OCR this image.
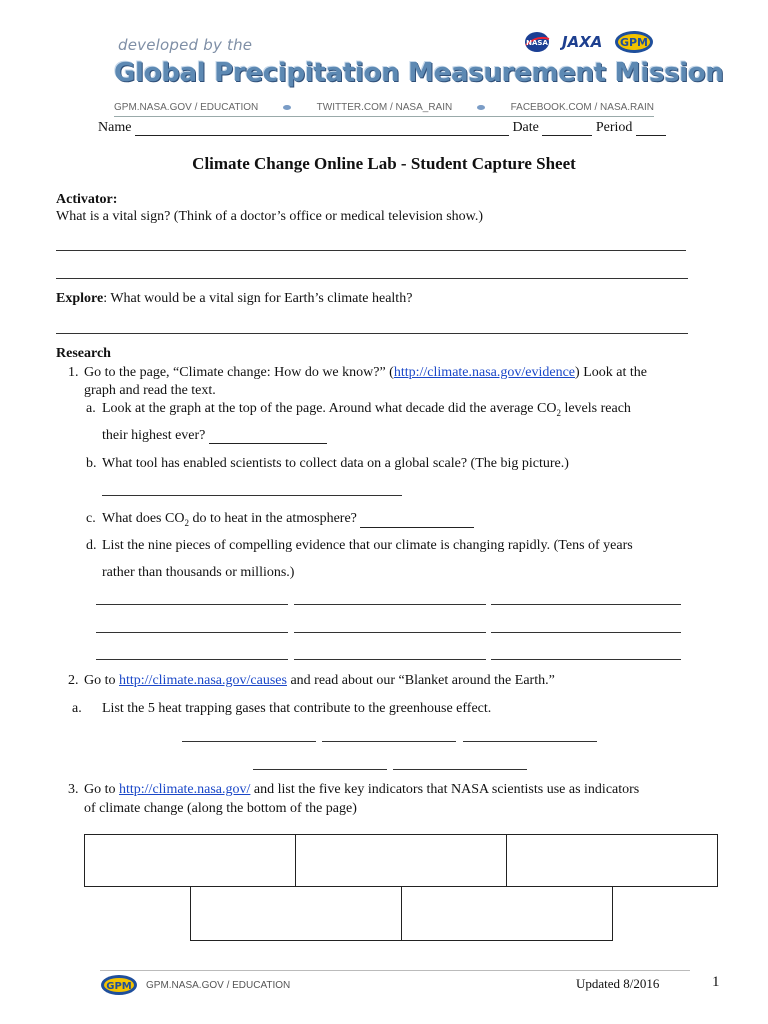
developed by the
Global Precipitation Measurement Mission
NASA JAXA GPM
GPM.NASA.GOV / EDUCATION	TWITTER.COM / NASA_RAIN	FACEBOOK.COM / NASA.RAIN
Name	Date	Period
Climate Change Online Lab - Student Capture Sheet
Activator:
What is a vital sign? (Think of a doctor’s office or medical television show.)
Explore: What would be a vital sign for Earth’s climate health?
Research
1. Go to the page, “Climate change: How do we know?” (http://climate.nasa.gov/evidence) Look at the
graph and read the text.
a. Look at the graph at the top of the page. Around what decade did the average $CO_2$ levels reach
their highest ever?
b. What tool has enabled scientists to collect data on a global scale? (The big picture.)
c. What does $CO_2$ do to heat in the atmosphere?
d. List the nine pieces of compelling evidence that our climate is changing rapidly. (Tens of years
rather than thousands or millions.)
2. Go to http://climate.nasa.gov/causes and read about our “Blanket around the Earth.”
a. List the 5 heat trapping gases that contribute to the greenhouse effect.
3. Go to http://climate.nasa.gov/ and list the five key indicators that NASA scientists use as indicators
of climate change (along the bottom of the page)
GPM GPM.NASA.GOV / EDUCATION	Updated 8/2016	1
